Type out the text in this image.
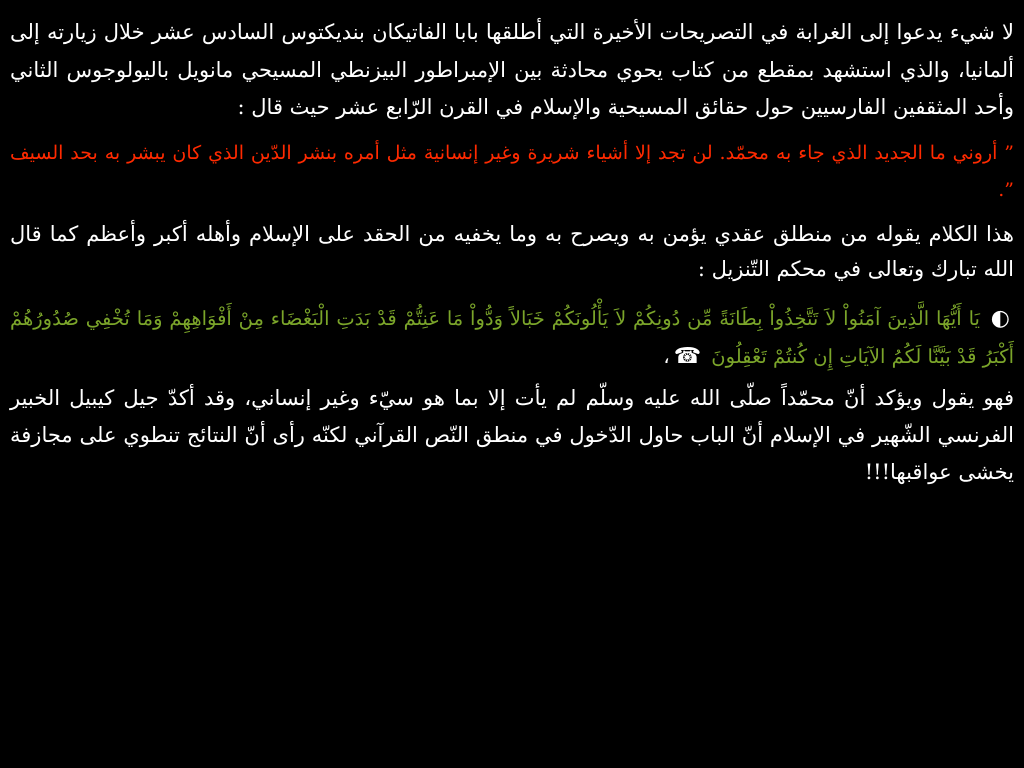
لا شيء يدعوا إلى الغرابة في التصريحات الأخيرة التي أطلقها بابا الفاتيكان بنديكتوس السادس عشر خلال زيارته إلى ألمانيا، والذي استشهد بمقطع من كتاب يحوي محادثة بين الإمبراطور البيزنطي المسيحي مانويل باليولوجوس الثاني وأحد المثقفين الفارسيين حول حقائق المسيحية والإسلام في القرن الرّابع عشر حيث قال :

” أروني ما الجديد الذي جاء به محمّد. لن تجد إلا أشياء شريرة وغير إنسانية مثل أمره بنشر الدّين الذي كان يبشر به بحد السيف ”.

هذا الكلام يقوله من منطلق عقدي يؤمن به ويصرح به وما يخفيه من الحقد على الإسلام وأهله أكبر وأعظم كما قال الله تبارك وتعالى في محكم التّنزيل :

◐ يَا أَيُّهَا الَّذِينَ آمَنُواْ لاَ تَتَّخِذُواْ بِطَانَةً مِّن دُونِكُمْ لاَ يَأْلُونَكُمْ خَبَالاً وَدُّواْ مَا عَنِتُّمْ قَدْ بَدَتِ الْبَغْضَاء مِنْ أَفْوَاهِهِمْ وَمَا تُخْفِي صُدُورُهُمْ أَكْبَرُ قَدْ بَيَّنَّا لَكُمُ الآيَاتِ إِن كُنتُمْ تَعْقِلُونَ ☎،

فهو يقول ويؤكد أنّ محمّداً صلّى الله عليه وسلّم لم يأت إلا بما هو سيّء وغير إنساني، وقد أكدّ جيل كيبيل الخبير الفرنسي الشّهير في الإسلام أنّ الباب حاول الدّخول في منطق النّص القرآني لكنّه رأى أنّ النتائج تنطوي على مجازفة يخشى عواقبها!!!
